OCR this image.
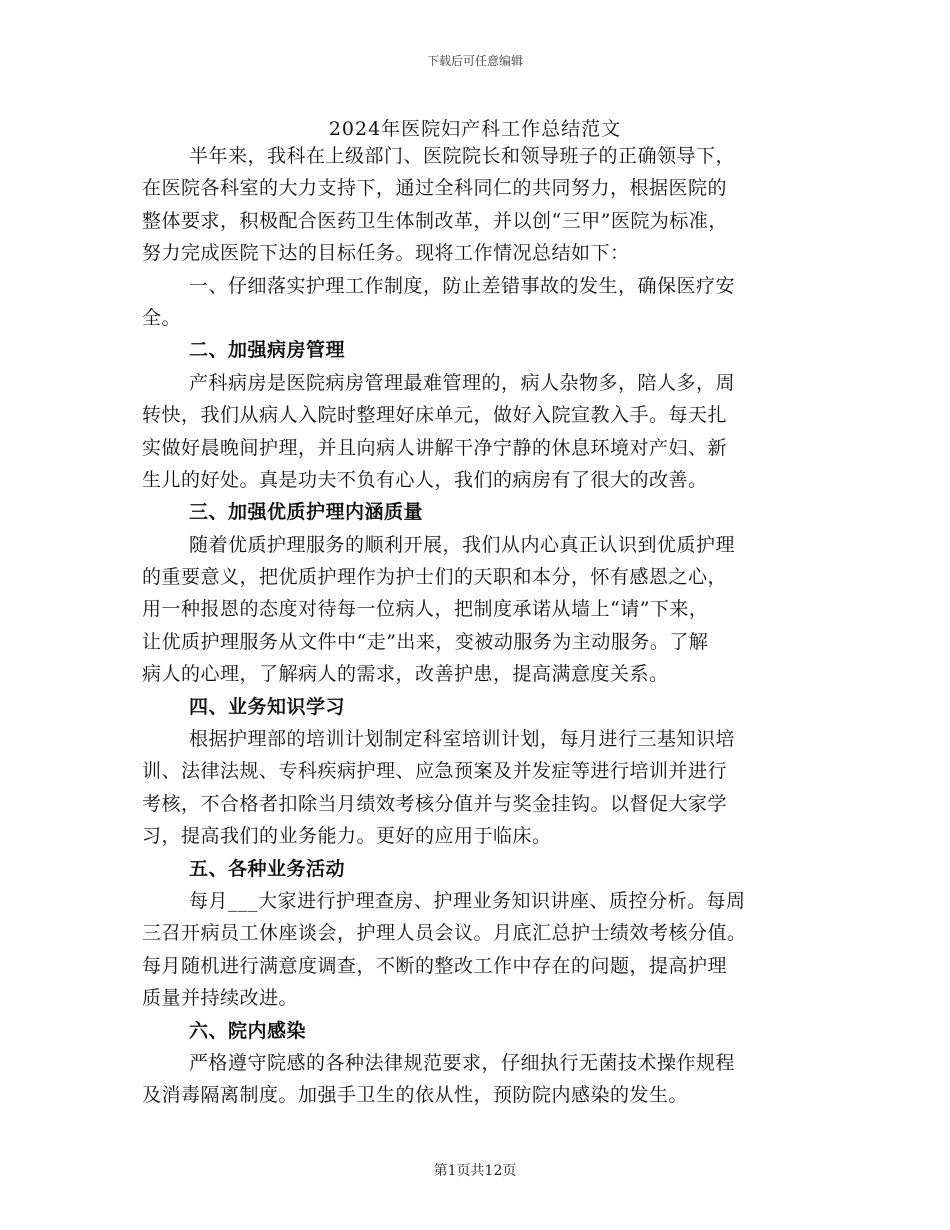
下载后可任意编辑
2024年医院妇产科工作总结范文
半年来，我科在上级部门、医院院长和领导班子的正确领导下，
在医院各科室的大力支持下，通过全科同仁的共同努力，根据医院的
整体要求，积极配合医药卫生体制改革，并以创“三甲”医院为标准，
努力完成医院下达的目标任务。现将工作情况总结如下：
一、仔细落实护理工作制度，防止差错事故的发生，确保医疗安
全。
二、加强病房管理
产科病房是医院病房管理最难管理的，病人杂物多，陪人多，周
转快，我们从病人入院时整理好床单元，做好入院宣教入手。每天扎
实做好晨晚间护理，并且向病人讲解干净宁静的休息环境对产妇、新
生儿的好处。真是功夫不负有心人，我们的病房有了很大的改善。
三、加强优质护理内涵质量
随着优质护理服务的顺利开展，我们从内心真正认识到优质护理
的重要意义，把优质护理作为护士们的天职和本分，怀有感恩之心，
用一种报恩的态度对待每一位病人，把制度承诺从墙上“请”下来，
让优质护理服务从文件中“走”出来，变被动服务为主动服务。了解
病人的心理，了解病人的需求，改善护患，提高满意度关系。
四、业务知识学习
根据护理部的培训计划制定科室培训计划，每月进行三基知识培
训、法律法规、专科疾病护理、应急预案及并发症等进行培训并进行
考核，不合格者扣除当月绩效考核分值并与奖金挂钩。以督促大家学
习，提高我们的业务能力。更好的应用于临床。
五、各种业务活动
每月___大家进行护理查房、护理业务知识讲座、质控分析。每周
三召开病员工休座谈会，护理人员会议。月底汇总护士绩效考核分值。
每月随机进行满意度调查，不断的整改工作中存在的问题，提高护理
质量并持续改进。
六、院内感染
严格遵守院感的各种法律规范要求，仔细执行无菌技术操作规程
及消毒隔离制度。加强手卫生的依从性，预防院内感染的发生。
第1页共12页
